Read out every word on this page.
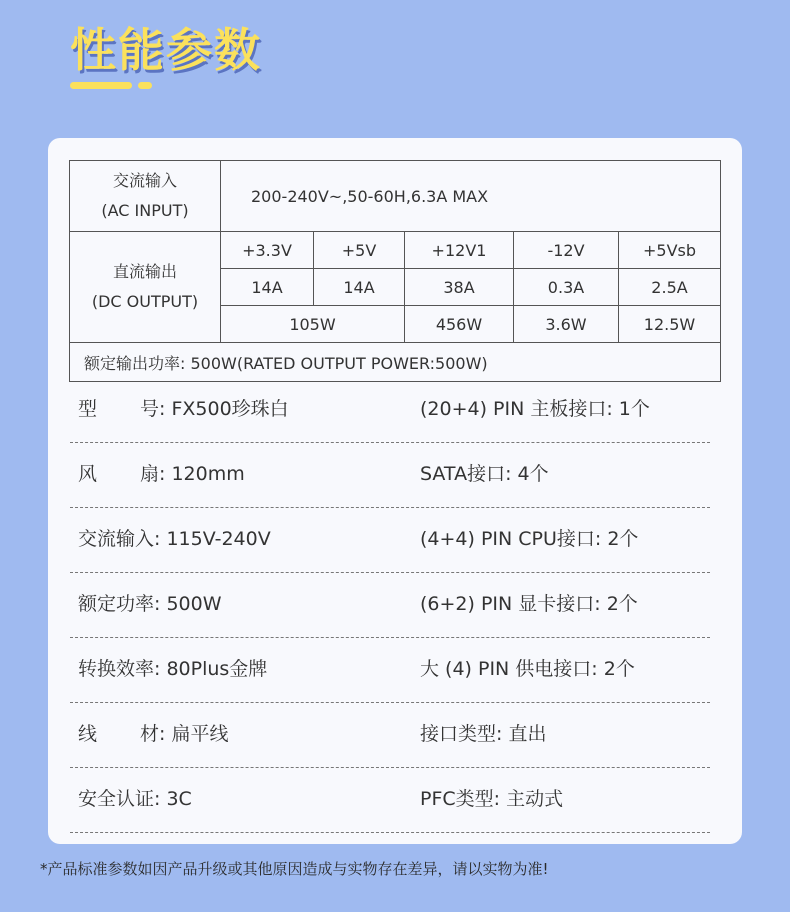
性能参数
交流输入
(AC INPUT)	200-240V~,50-60H,6.3A MAX				

直流输出
(DC OUTPUT)	+3.3V	+5V	+12V1	-12V	+5Vsb
	14A	14A	38A	0.3A	2.5A
	105W		456W	3.6W	12.5W
额定输出功率: 500W(RATED OUTPUT POWER:500W)					
型 号: FX500珍珠白	(20+4) PIN 主板接口: 1个
风 扇: 120mm	SATA接口: 4个
交流输入: 115V-240V	(4+4) PIN CPU接口: 2个
额定功率: 500W	(6+2) PIN 显卡接口: 2个
转换效率: 80Plus金牌	大 (4) PIN 供电接口: 2个
线 材: 扁平线	接口类型: 直出
安全认证: 3C	PFC类型: 主动式
*产品标准参数如因产品升级或其他原因造成与实物存在差异，请以实物为准!
